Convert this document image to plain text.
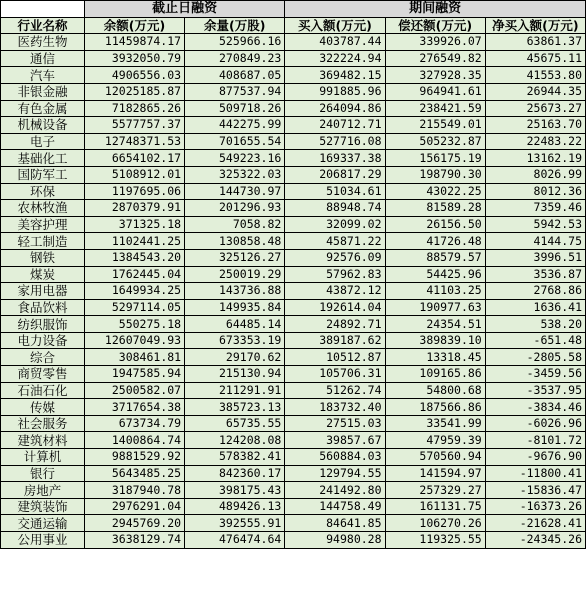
	截止日融资		期间融资		
行业名称	余额(万元)	余量(万股)	买入额(万元)	偿还额(万元)	净买入额(万元)
医药生物	11459874.17	525966.16	403787.44	339926.07	63861.37
通信	3932050.79	270849.23	322224.94	276549.82	45675.11
汽车	4906556.03	408687.05	369482.15	327928.35	41553.80
非银金融	12025185.87	877537.94	991885.96	964941.61	26944.35
有色金属	7182865.26	509718.26	264094.86	238421.59	25673.27
机械设备	5577757.37	442275.99	240712.71	215549.01	25163.70
电子	12748371.53	701655.54	527716.08	505232.87	22483.22
基础化工	6654102.17	549223.16	169337.38	156175.19	13162.19
国防军工	5108912.01	325322.03	206817.29	198790.30	8026.99
环保	1197695.06	144730.97	51034.61	43022.25	8012.36
农林牧渔	2870379.91	201296.93	88948.74	81589.28	7359.46
美容护理	371325.18	7058.82	32099.02	26156.50	5942.53
轻工制造	1102441.25	130858.48	45871.22	41726.48	4144.75
钢铁	1384543.20	325126.27	92576.09	88579.57	3996.51
煤炭	1762445.04	250019.29	57962.83	54425.96	3536.87
家用电器	1649934.25	143736.88	43872.12	41103.25	2768.86
食品饮料	5297114.05	149935.84	192614.04	190977.63	1636.41
纺织服饰	550275.18	64485.14	24892.71	24354.51	538.20
电力设备	12607049.93	673353.19	389187.62	389839.10	-651.48
综合	308461.81	29170.62	10512.87	13318.45	-2805.58
商贸零售	1947585.94	215130.94	105706.31	109165.86	-3459.56
石油石化	2500582.07	211291.91	51262.74	54800.68	-3537.95
传媒	3717654.38	385723.13	183732.40	187566.86	-3834.46
社会服务	673734.79	65735.55	27515.03	33541.99	-6026.96
建筑材料	1400864.74	124208.08	39857.67	47959.39	-8101.72
计算机	9881529.92	578382.41	560884.03	570560.94	-9676.90
银行	5643485.25	842360.17	129794.55	141594.97	-11800.41
房地产	3187940.78	398175.43	241492.80	257329.27	-15836.47
建筑装饰	2976291.04	489426.13	144758.49	161131.75	-16373.26
交通运输	2945769.20	392555.91	84641.85	106270.26	-21628.41
公用事业	3638129.74	476474.64	94980.28	119325.55	-24345.26
